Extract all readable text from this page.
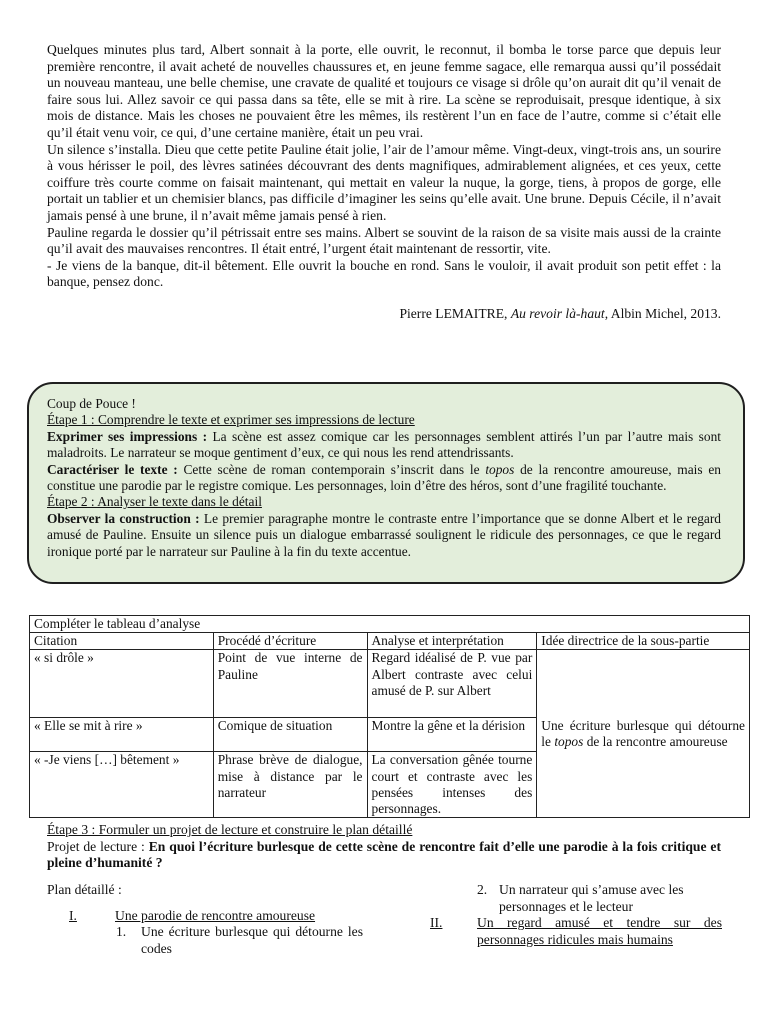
Quelques minutes plus tard, Albert sonnait à la porte, elle ouvrit, le reconnut, il bomba le torse parce que depuis leur première rencontre, il avait acheté de nouvelles chaussures et, en jeune femme sagace, elle remarqua aussi qu’il possédait un nouveau manteau, une belle chemise, une cravate de qualité et toujours ce visage si drôle qu’on aurait dit qu’il venait de faire sous lui. Allez savoir ce qui passa dans sa tête, elle se mit à rire. La scène se reproduisait, presque identique, à six mois de distance. Mais les choses ne pouvaient être les mêmes, ils restèrent l’un en face de l’autre, comme si c’était elle qu’il était venu voir, ce qui, d’une certaine manière, était un peu vrai.

Un silence s’installa. Dieu que cette petite Pauline était jolie, l’air de l’amour même. Vingt-deux, vingt-trois ans, un sourire à vous hérisser le poil, des lèvres satinées découvrant des dents magnifiques, admirablement alignées, et ces yeux, cette coiffure très courte comme on faisait maintenant, qui mettait en valeur la nuque, la gorge, tiens, à propos de gorge, elle portait un tablier et un chemisier blancs, pas difficile d’imaginer les seins qu’elle avait. Une brune. Depuis Cécile, il n’avait jamais pensé à une brune, il n’avait même jamais pensé à rien.

Pauline regarda le dossier qu’il pétrissait entre ses mains. Albert se souvint de la raison de sa visite mais aussi de la crainte qu’il avait des mauvaises rencontres. Il était entré, l’urgent était maintenant de ressortir, vite.

- Je viens de la banque, dit-il bêtement. Elle ouvrit la bouche en rond. Sans le vouloir, il avait produit son petit effet : la banque, pensez donc.

Pierre LEMAITRE, Au revoir là-haut, Albin Michel, 2013.

Coup de Pouce !

Étape 1 : Comprendre le texte et exprimer ses impressions de lecture

Exprimer ses impressions : La scène est assez comique car les personnages semblent attirés l’un par l’autre mais sont maladroits. Le narrateur se moque gentiment d’eux, ce qui nous les rend attendrissants.

Caractériser le texte : Cette scène de roman contemporain s’inscrit dans le topos de la rencontre amoureuse, mais en constitue une parodie par le registre comique. Les personnages, loin d’être des héros, sont d’une fragilité touchante.

Étape 2 : Analyser le texte dans le détail

Observer la construction : Le premier paragraphe montre le contraste entre l’importance que se donne Albert et le regard amusé de Pauline. Ensuite un silence puis un dialogue embarrassé soulignent le ridicule des personnages, ce que le regard ironique porté par le narrateur sur Pauline à la fin du texte accentue.

Compléter le tableau d’analyse			
Citation	Procédé d’écriture	Analyse et interprétation	Idée directrice de la sous-partie
« si drôle »	Point de vue interne de Pauline	Regard idéalisé de P. vue par Albert contraste avec celui amusé de P. sur Albert	Une écriture burlesque qui détourne le topos de la rencontre amoureuse
« Elle se mit à rire »	Comique de situation	Montre la gêne et la dérision	
« -Je viens […] bêtement »	Phrase brève de dialogue, mise à distance par le narrateur	La conversation gênée tourne court et contraste avec les pensées intenses des personnages.	

Étape 3 : Formuler un projet de lecture et construire le plan détaillé

Projet de lecture : En quoi l’écriture burlesque de cette scène de rencontre fait d’elle une parodie à la fois critique et pleine d’humanité ?

Plan détaillé :
I.	Une parodie de rencontre amoureuse
1.	Une écriture burlesque qui détourne les codes
2. Un narrateur qui s’amuse avec les personnages et le lecteur
II.	Un regard amusé et tendre sur des personnages ridicules mais humains
